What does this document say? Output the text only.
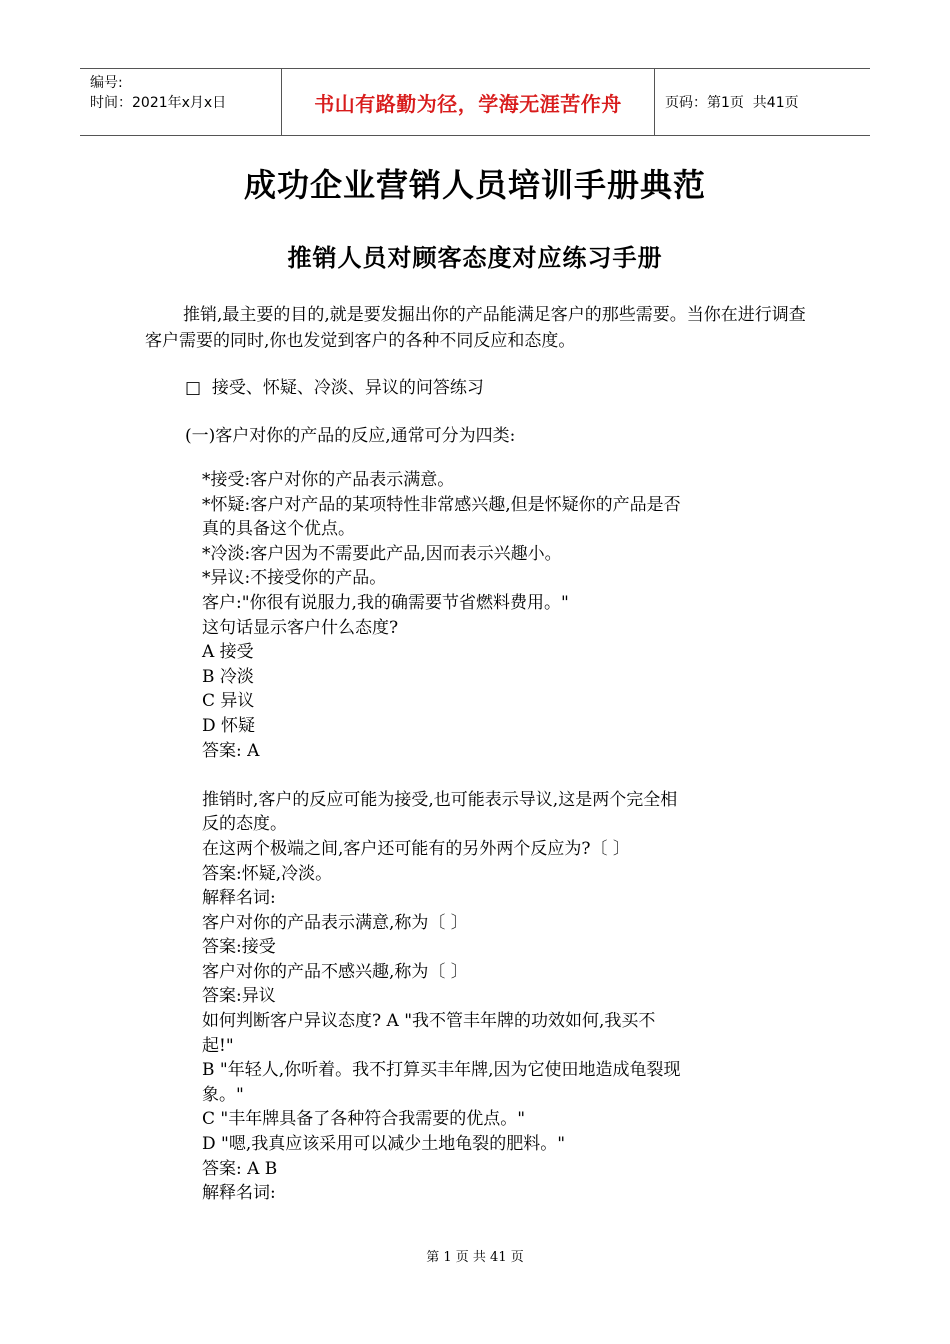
编号:
时间：2021年x月x日	书山有路勤为径，学海无涯苦作舟	页码：第1页  共41页
成功企业营销人员培训手册典范
推销人员对顾客态度对应练习手册
推销,最主要的目的,就是要发掘出你的产品能满足客户的那些需要。当你在进行调查客户需要的同时,你也发觉到客户的各种不同反应和态度。
□  接受、怀疑、冷淡、异议的问答练习
(一)客户对你的产品的反应,通常可分为四类:
*接受:客户对你的产品表示满意。
*怀疑:客户对产品的某项特性非常感兴趣,但是怀疑你的产品是否
真的具备这个优点。
*冷淡:客户因为不需要此产品,因而表示兴趣小。
*异议:不接受你的产品。
客户:"你很有说服力,我的确需要节省燃料费用。"
这句话显示客户什么态度?
A 接受
B 冷淡
C 异议
D 怀疑
答案: A
推销时,客户的反应可能为接受,也可能表示导议,这是两个完全相
反的态度。
在这两个极端之间,客户还可能有的另外两个反应为?〔 〕
答案:怀疑,冷淡。
解释名词:
客户对你的产品表示满意,称为〔 〕
答案:接受
客户对你的产品不感兴趣,称为〔 〕
答案:异议
如何判断客户异议态度? A "我不管丰年牌的功效如何,我买不
起!"
B "年轻人,你听着。我不打算买丰年牌,因为它使田地造成龟裂现
象。"
C "丰年牌具备了各种符合我需要的优点。"
D "嗯,我真应该采用可以减少土地龟裂的肥料。"
答案: A B
解释名词:
第 1 页 共 41 页
